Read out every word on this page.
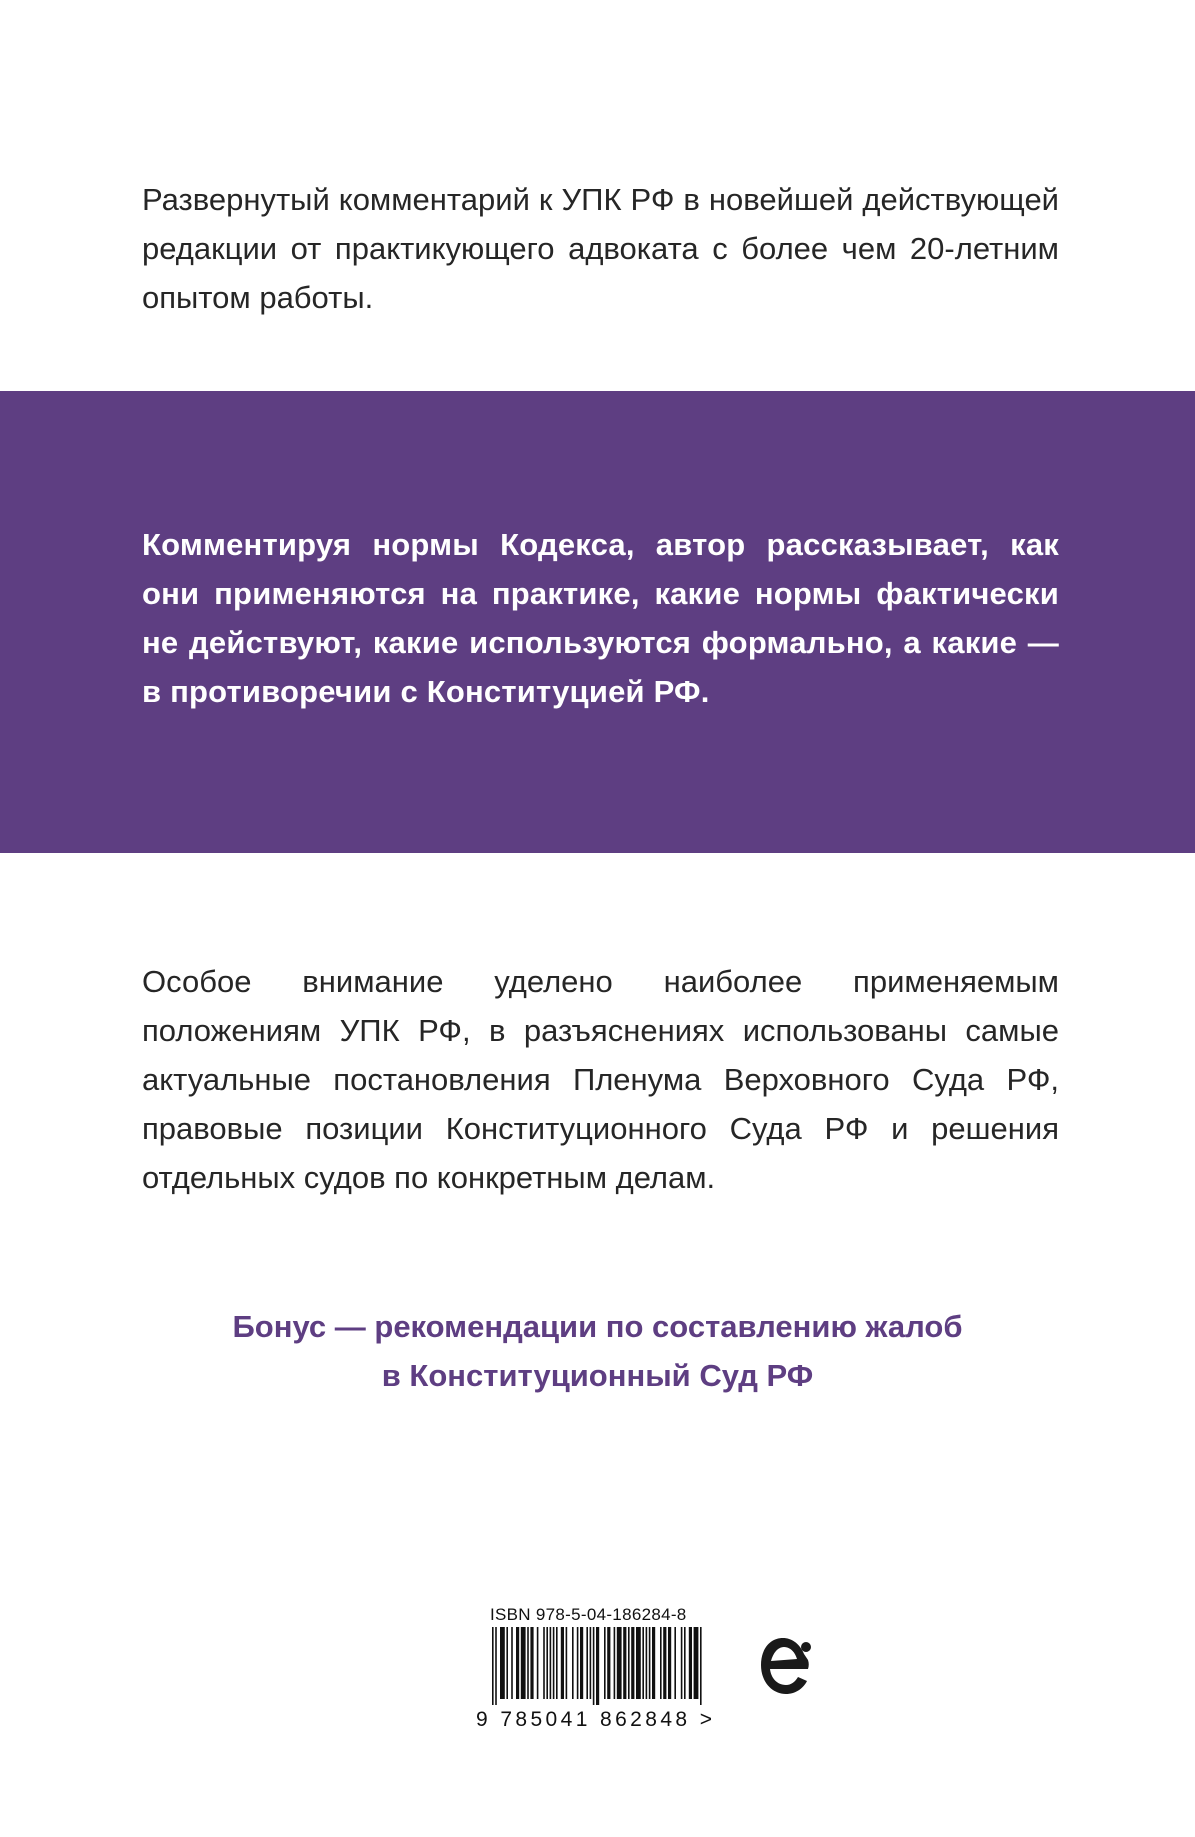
Развернутый комментарий к УПК РФ в новейшей действующей редакции от практикующего адвоката с более чем 20-летним опытом работы.
Комментируя нормы Кодекса, автор рассказывает, как они применяются на практике, какие нормы фактически не действуют, какие используются формально, а какие — в противоречии с Конституцией РФ.
Особое внимание уделено наиболее применяемым положениям УПК РФ, в разъяснениях использованы самые актуальные постановления Пленума Верховного Суда РФ, правовые позиции Конституционного Суда РФ и решения отдельных судов по конкретным делам.
Бонус — рекомендации по составлению жалоб
в Конституционный Суд РФ
ISBN 978-5-04-186284-8
9 785041 862848 >
